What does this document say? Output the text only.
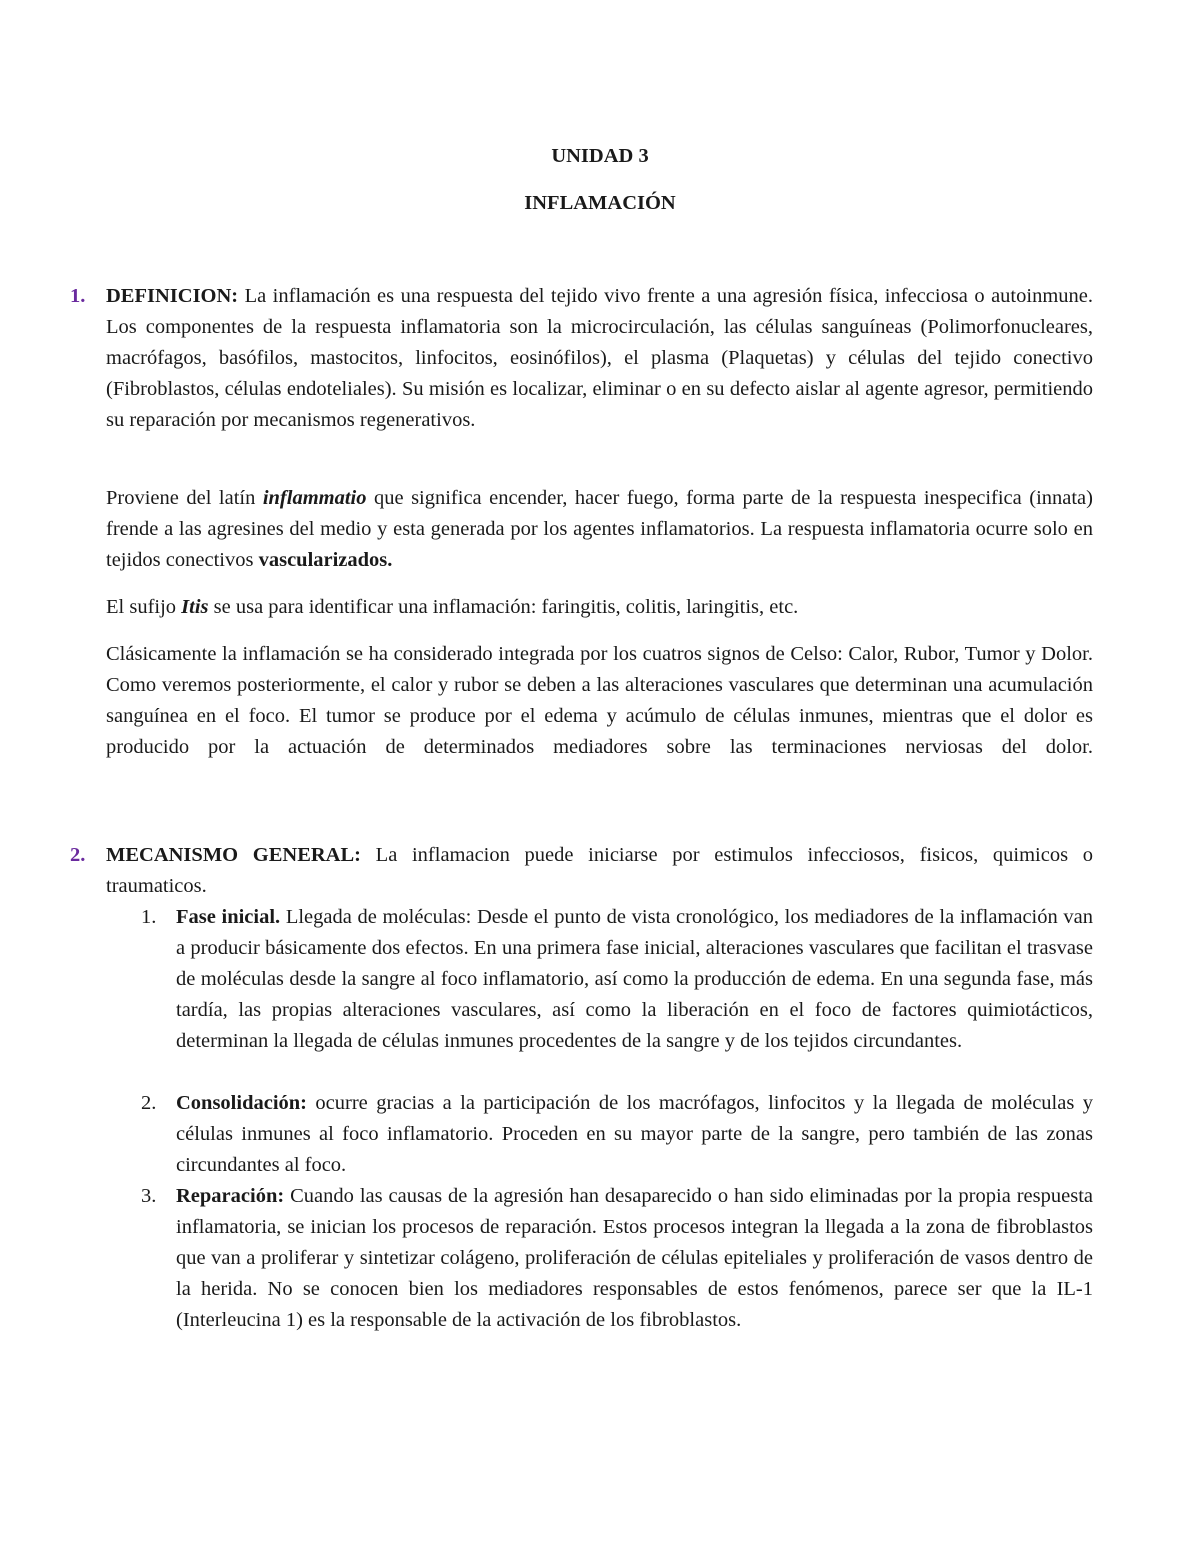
UNIDAD 3
INFLAMACIÓN
1. DEFINICION: La inflamación es una respuesta del tejido vivo frente a una agresión física, infecciosa o autoinmune. Los componentes de la respuesta inflamatoria son la microcirculación, las células sanguíneas (Polimorfonucleares, macrófagos, basófilos, mastocitos, linfocitos, eosinófilos), el plasma (Plaquetas) y células del tejido conectivo (Fibroblastos, células endoteliales). Su misión es localizar, eliminar o en su defecto aislar al agente agresor, permitiendo su reparación por mecanismos regenerativos.

Proviene del latín inflammatio que significa encender, hacer fuego, forma parte de la respuesta inespecifica (innata) frende a las agresines del medio y esta generada por los agentes inflamatorios. La respuesta inflamatoria ocurre solo en tejidos conectivos vascularizados.

El sufijo Itis se usa para identificar una inflamación: faringitis, colitis, laringitis, etc.

Clásicamente la inflamación se ha considerado integrada por los cuatros signos de Celso: Calor, Rubor, Tumor y Dolor. Como veremos posteriormente, el calor y rubor se deben a las alteraciones vasculares que determinan una acumulación sanguínea en el foco. El tumor se produce por el edema y acúmulo de células inmunes, mientras que el dolor es producido por la actuación de determinados mediadores sobre las terminaciones nerviosas del dolor.

2. MECANISMO GENERAL: La inflamacion puede iniciarse por estimulos infecciosos, fisicos, quimicos o traumaticos.

1. Fase inicial. Llegada de moléculas: Desde el punto de vista cronológico, los mediadores de la inflamación van a producir básicamente dos efectos. En una primera fase inicial, alteraciones vasculares que facilitan el trasvase de moléculas desde la sangre al foco inflamatorio, así como la producción de edema. En una segunda fase, más tardía, las propias alteraciones vasculares, así como la liberación en el foco de factores quimiotácticos, determinan la llegada de células inmunes procedentes de la sangre y de los tejidos circundantes.

2. Consolidación: ocurre gracias a la participación de los macrófagos, linfocitos y la llegada de moléculas y células inmunes al foco inflamatorio. Proceden en su mayor parte de la sangre, pero también de las zonas circundantes al foco.

3. Reparación: Cuando las causas de la agresión han desaparecido o han sido eliminadas por la propia respuesta inflamatoria, se inician los procesos de reparación. Estos procesos integran la llegada a la zona de fibroblastos que van a proliferar y sintetizar colágeno, proliferación de células epiteliales y proliferación de vasos dentro de la herida. No se conocen bien los mediadores responsables de estos fenómenos, parece ser que la IL-1 (Interleucina 1) es la responsable de la activación de los fibroblastos.
